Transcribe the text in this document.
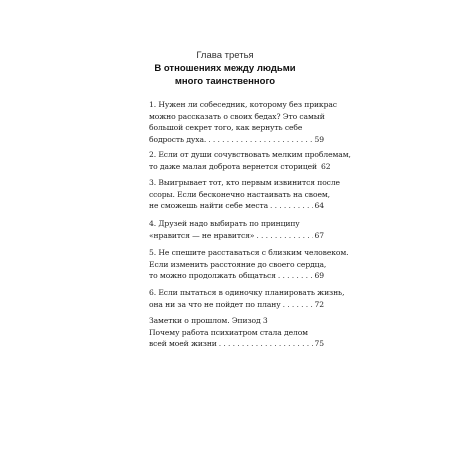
Глава третья
В отношениях между людьми
много таинственного
1. Нужен ли собеседник, которому без прикрас
можно рассказать о своих бедах? Это самый
большой секрет того, как вернуть себе
бодрость духа. . . .	59
2. Если от души сочувствовать мелким проблемам,
то даже малая доброта вернется сторицей 62
3. Выигрывает тот, кто первым извинится после
ссоры. Если бесконечно настаивать на своем,
не сможешь найти себе места . . .	64
4. Друзей надо выбирать по принципу
«нравится — не нравится» . . .	67
5. Не спешите расставаться с близким человеком.
Если изменить расстояние до своего сердца,
то можно продолжать общаться . . .	69
6. Если пытаться в одиночку планировать жизнь,
она ни за что не пойдет по плану . . .	72
Заметки о прошлом. Эпизод 3
Почему работа психиатром стала делом
всей моей жизни . . .	75
